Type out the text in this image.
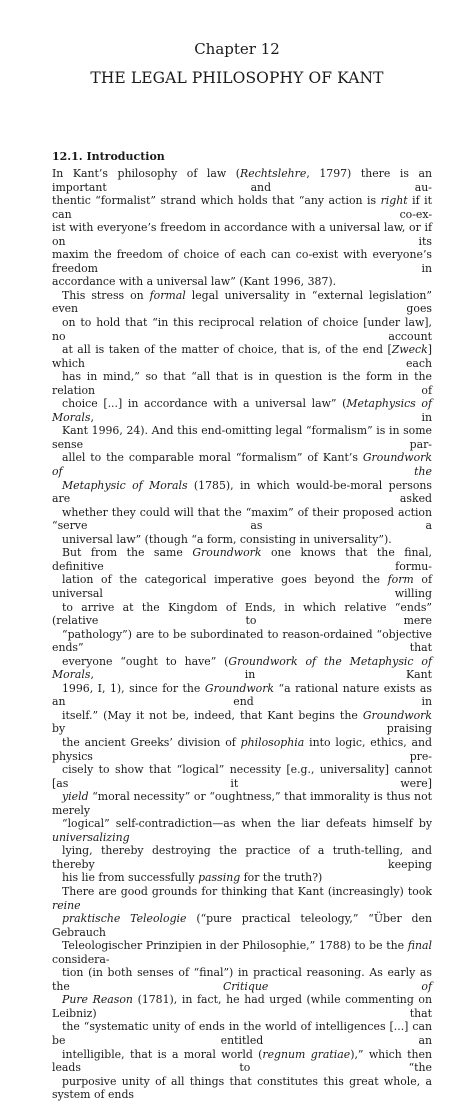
Chapter 12
THE LEGAL PHILOSOPHY OF KANT
12.1. Introduction

In Kant’s philosophy of law (Rechtslehre, 1797) there is an important and au-
thentic “formalist” strand which holds that “any action is right if it can co-ex-
ist with everyone’s freedom in accordance with a universal law, or if on its
maxim the freedom of choice of each can co-exist with everyone’s freedom in
accordance with a universal law” (Kant 1996, 387).

This stress on formal legal universality in “external legislation” even goes
on to hold that “in this reciprocal relation of choice [under law], no account
at all is taken of the matter of choice, that is, of the end [Zweck] which each
has in mind,” so that “all that is in question is the form in the relation of
choice [...] in accordance with a universal law” (Metaphysics of Morals, in
Kant 1996, 24). And this end-omitting legal “formalism” is in some sense par-
allel to the comparable moral “formalism” of Kant’s Groundwork of the
Metaphysic of Morals (1785), in which would-be-moral persons are asked
whether they could will that the “maxim” of their proposed action “serve as a
universal law” (though “a form, consisting in universality”).

But from the same Groundwork one knows that the final, definitive formu-
lation of the categorical imperative goes beyond the form of universal willing
to arrive at the Kingdom of Ends, in which relative “ends” (relative to mere
“pathology”) are to be subordinated to reason-ordained “objective ends” that
everyone “ought to have” (Groundwork of the Metaphysic of Morals, in Kant
1996, I, 1), since for the Groundwork “a rational nature exists as an end in
itself.” (May it not be, indeed, that Kant begins the Groundwork by praising
the ancient Greeks’ division of philosophia into logic, ethics, and physics pre-
cisely to show that “logical” necessity [e.g., universality] cannot [as it were]
yield “moral necessity” or “oughtness,” that immorality is thus not merely
“logical” self-contradiction—as when the liar defeats himself by universalizing
lying, thereby destroying the practice of a truth-telling, and thereby keeping
his lie from successfully passing for the truth?)

There are good grounds for thinking that Kant (increasingly) took reine
praktische Teleologie (“pure practical teleology,” “Über den Gebrauch
Teleologischer Prinzipien in der Philosophie,” 1788) to be the final considera-
tion (in both senses of “final”) in practical reasoning. As early as the Critique of
Pure Reason (1781), in fact, he had urged (while commenting on Leibniz) that
the “systematic unity of ends in the world of intelligences [...] can be entitled an
intelligible, that is a moral world (regnum gratiae),” which then leads to “the
purposive unity of all things that constitutes this great whole, a system of ends
